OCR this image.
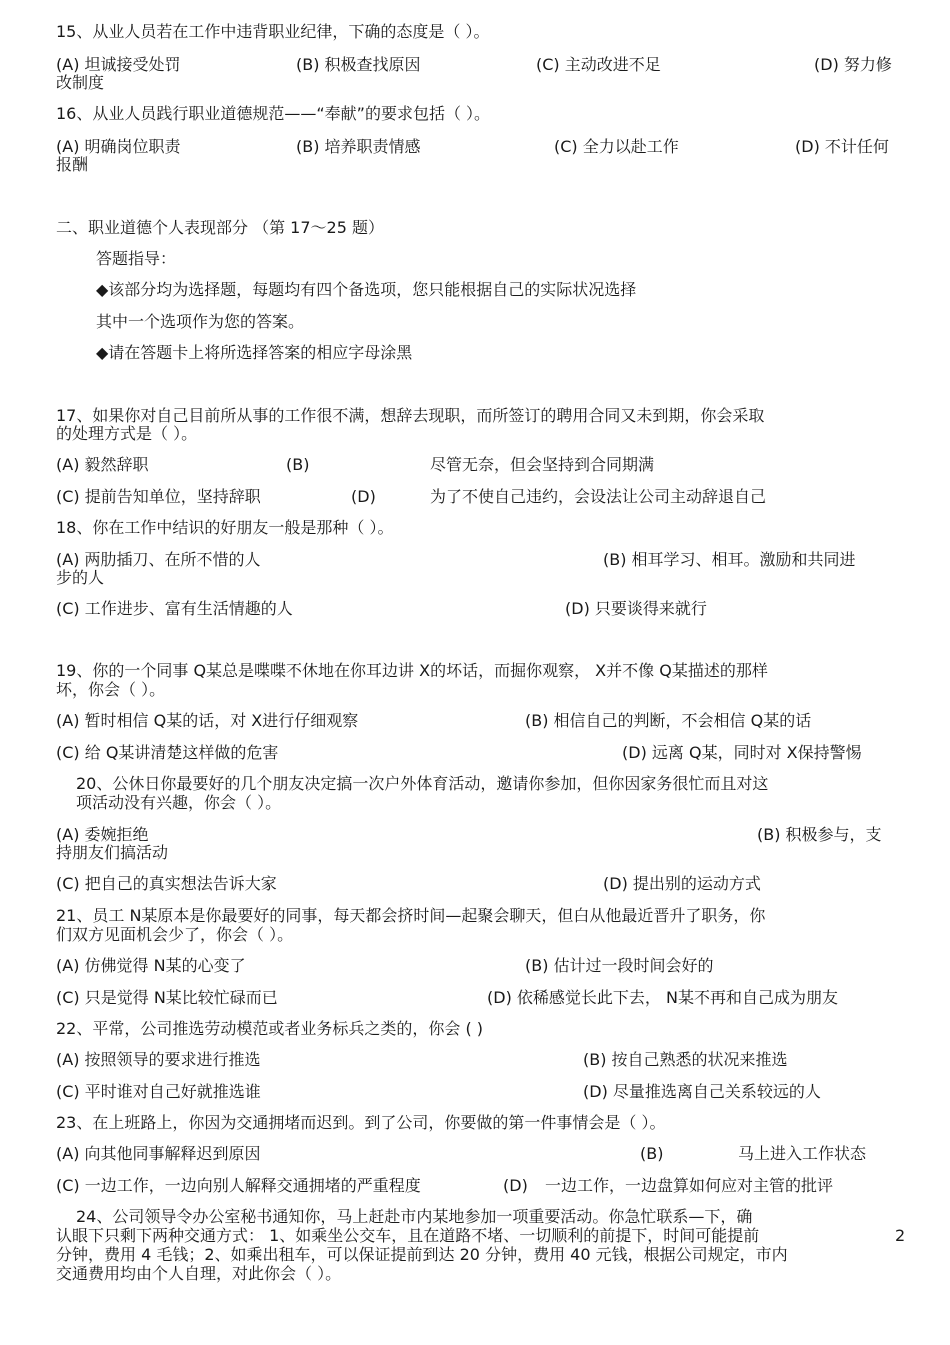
15、从业人员若在工作中违背职业纪律，下确的态度是（ ）。
(A) 坦诚接受处罚	(B) 积极查找原因	(C) 主动改进不足	(D) 努力修
改制度
16、从业人员践行职业道德规范——“奉献”的要求包括（ ）。
(A) 明确岗位职责	(B) 培养职责情感	(C) 全力以赴工作	(D) 不计任何
报酬
二、职业道德个人表现部分 （第 17～25 题）
答题指导：
◆该部分均为选择题，每题均有四个备选项，您只能根据自己的实际状况选择
其中一个选项作为您的答案。
◆请在答题卡上将所选择答案的相应字母涂黑
17、如果你对自己目前所从事的工作很不满，想辞去现职，而所签订的聘用合同又未到期，你会采取
的处理方式是（ ）。
(A) 毅然辞职	(B)	尽管无奈，但会坚持到合同期满
(C) 提前告知单位，坚持辞职	(D)	为了不使自己违约，会设法让公司主动辞退自己
18、你在工作中结识的好朋友一般是那种（ ）。
(A) 两肋插刀、在所不惜的人	(B) 相耳学习、相耳。激励和共同进
步的人
(C) 工作进步、富有生活情趣的人	(D) 只要谈得来就行
19、你的一个同事 Q某总是喋喋不休地在你耳边讲 X的坏话，而掘你观察， X并不像 Q某描述的那样
坏，你会（ ）。
(A) 暂时相信 Q某的话，对 X进行仔细观察	(B) 相信自己的判断，不会相信 Q某的话
(C) 给 Q某讲清楚这样做的危害	(D) 远离 Q某，同时对 X保持警惕
20、公休日你最要好的几个朋友决定搞一次户外体育活动，邀请你参加，但你因家务很忙而且对这
项活动没有兴趣，你会（ ）。
(A) 委婉拒绝	(B) 积极参与，支
持朋友们搞活动
(C) 把自己的真实想法告诉大家	(D) 提出别的运动方式
21、员工 N某原本是你最要好的同事，每天都会挤时间—起聚会聊天，但白从他最近晋升了职务，你
们双方见面机会少了，你会（ ）。
(A) 仿佛觉得 N某的心变了	(B) 估计过一段时间会好的
(C) 只是觉得 N某比较忙碌而已	(D) 依稀感觉长此下去， N某不再和自己成为朋友
22、平常，公司推选劳动模范或者业务标兵之类的，你会 ( )
(A) 按照领导的要求进行推选	(B) 按自己熟悉的状况来推选
(C) 平时谁对自己好就推选谁	(D) 尽量推选离自己关系较远的人
23、在上班路上，你因为交通拥堵而迟到。到了公司，你要做的第一件事情会是（ ）。
(A) 向其他同事解释迟到原因	(B)	马上进入工作状态
(C) 一边工作，一边向别人解释交通拥堵的严重程度	(D) 一边工作，一边盘算如何应对主管的批评
24、公司领导令办公室秘书通知你，马上赶赴市内某地参加一项重要活动。你急忙联系—下，确
认眼下只剩下两种交通方式： 1、如乘坐公交车，且在道路不堵、一切顺利的前提下，时间可能提前	2
分钟，费用 4 毛钱；2、如乘出租车，可以保证提前到达 20 分钟，费用 40 元钱，根据公司规定，市内
交通费用均由个人自理，对此你会（ ）。
